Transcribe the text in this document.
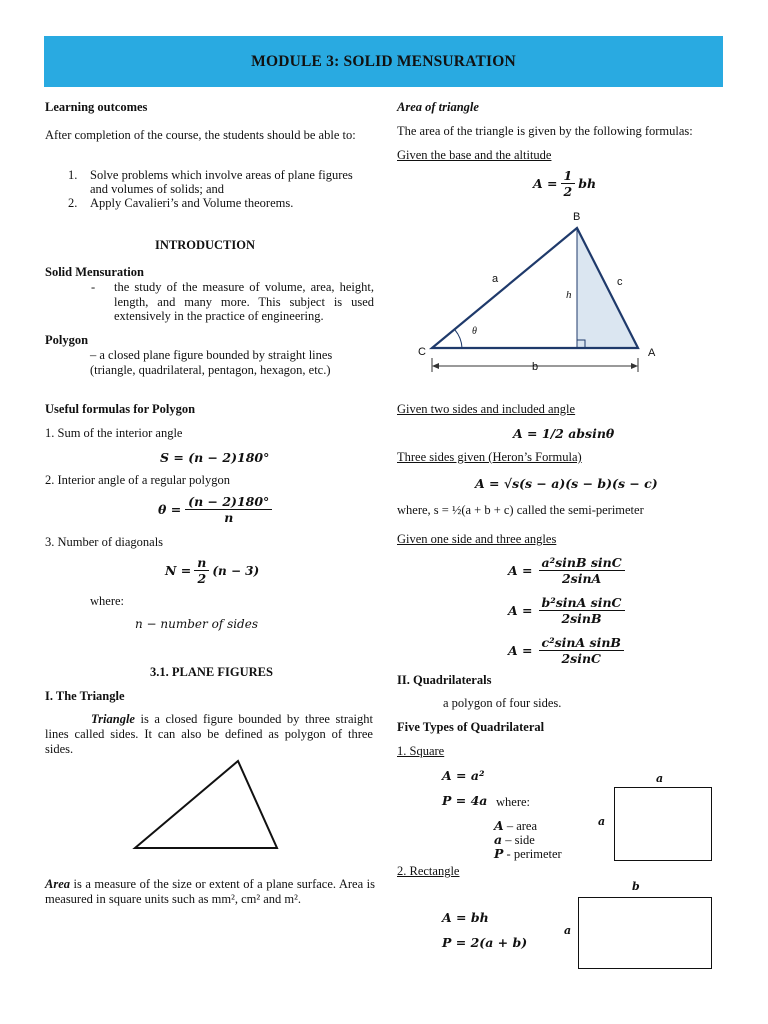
MODULE 3: SOLID MENSURATION
Learning outcomes
After completion of the course, the students should be able to:
1.	Solve problems which involve areas of plane figures and volumes of solids; and
2.	Apply Cavalieri’s and Volume theorems.
INTRODUCTION
Solid Mensuration
- the study of the measure of volume, area, height, length, and many more. This subject is used extensively in the practice of engineering.
Polygon
– a closed plane figure bounded by straight lines (triangle, quadrilateral, pentagon, hexagon, etc.)
Useful formulas for Polygon
1. Sum of the interior angle
S = (n − 2)180°
2. Interior angle of a regular polygon
$\theta = \frac{(n - 2)180^\circ}{n}$
3. Number of diagonals
$N = \frac{n}{2} (n - 3)$
where:
n − number of sides
3.1. PLANE FIGURES
I. The Triangle
Triangle is a closed figure bounded by three straight lines called sides. It can also be defined as polygon of three sides.
Area is a measure of the size or extent of a plane surface. Area is measured in square units such as mm², cm² and m².
Area of triangle
The area of the triangle is given by the following formulas:
Given the base and the altitude
$A = \frac{1}{2}$ bh
B
A
C
a	c
b
h
θ
Given two sides and included angle
A = 1/2 absinθ
Three sides given (Heron’s Formula)
A = √s(s − a)(s − b)(s − c)
where, s = ½(a + b + c) called the semi-perimeter
Given one side and three angles
$A = \frac{\text{a²sinB sinC}}{2\sin A}$
$A = \frac{\text{b²sinA sinC}}{2\sin B}$
$A = \frac{\text{c²sinA sinB}}{2\sin C}$
II. Quadrilaterals
a polygon of four sides.
Five Types of Quadrilateral
1. Square
A = a²
P = 4a where:
A – area
a – side
P - perimeter
a
a
2. Rectangle
A = bh
P = 2(a + b)
b
a
